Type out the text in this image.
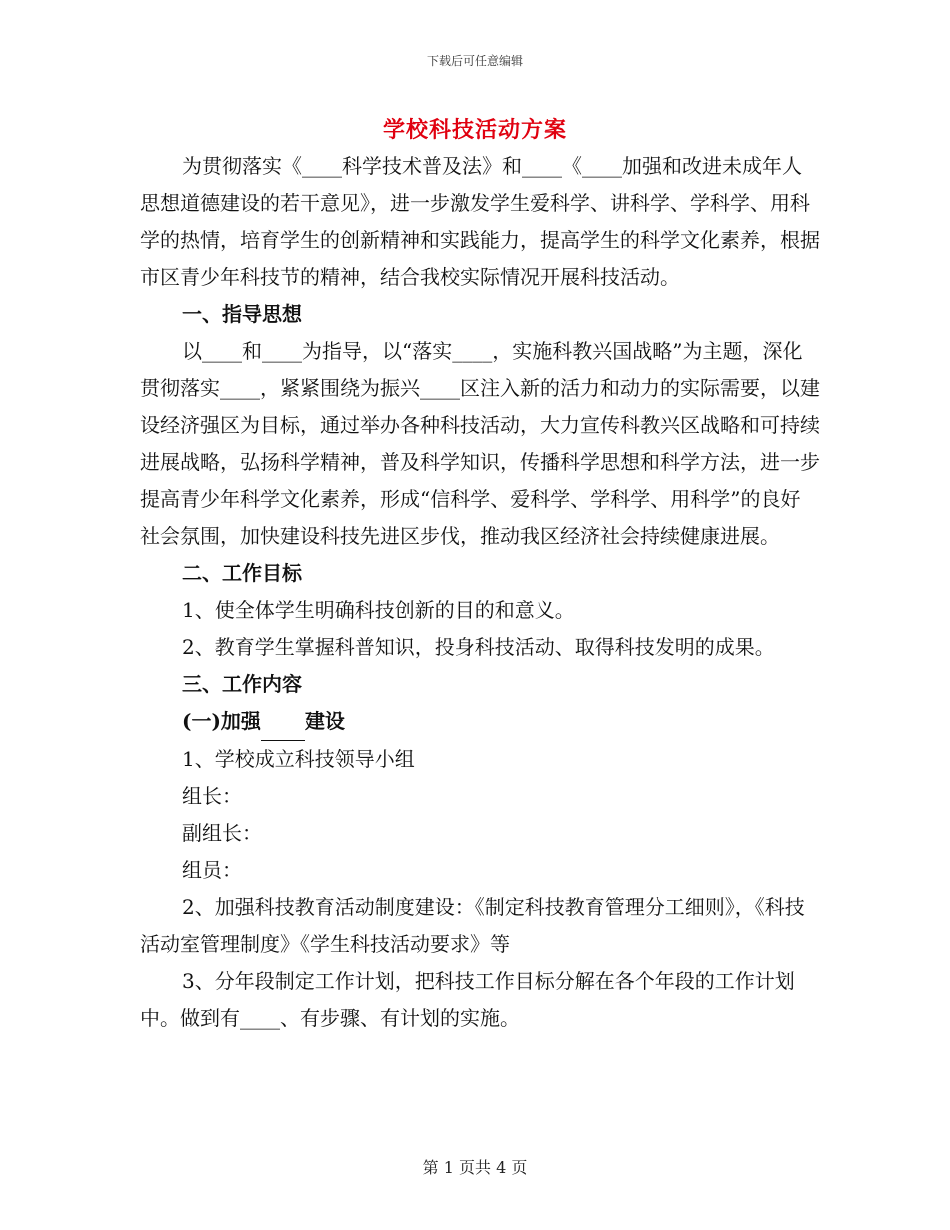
下载后可任意编辑
学校科技活动方案

为贯彻落实《____科学技术普及法》和____《____加强和改进未成年人思想道德建设的若干意见》，进一步激发学生爱科学、讲科学、学科学、用科学的热情，培育学生的创新精神和实践能力，提高学生的科学文化素养，根据市区青少年科技节的精神，结合我校实际情况开展科技活动。

一、指导思想

以____和____为指导，以“落实____，实施科教兴国战略”为主题，深化贯彻落实____，紧紧围绕为振兴____区注入新的活力和动力的实际需要，以建设经济强区为目标，通过举办各种科技活动，大力宣传科教兴区战略和可持续进展战略，弘扬科学精神，普及科学知识，传播科学思想和科学方法，进一步提高青少年科学文化素养，形成“信科学、爱科学、学科学、用科学”的良好社会氛围，加快建设科技先进区步伐，推动我区经济社会持续健康进展。

二、工作目标

1、使全体学生明确科技创新的目的和意义。

2、教育学生掌握科普知识，投身科技活动、取得科技发明的成果。

三、工作内容

(一)加强 建设

1、学校成立科技领导小组

组长：

副组长：

组员：

2、加强科技教育活动制度建设：《制定科技教育管理分工细则》，《科技活动室管理制度》《学生科技活动要求》等

3、分年段制定工作计划，把科技工作目标分解在各个年段的工作计划中。做到有____、有步骤、有计划的实施。

第 1 页共 4 页
